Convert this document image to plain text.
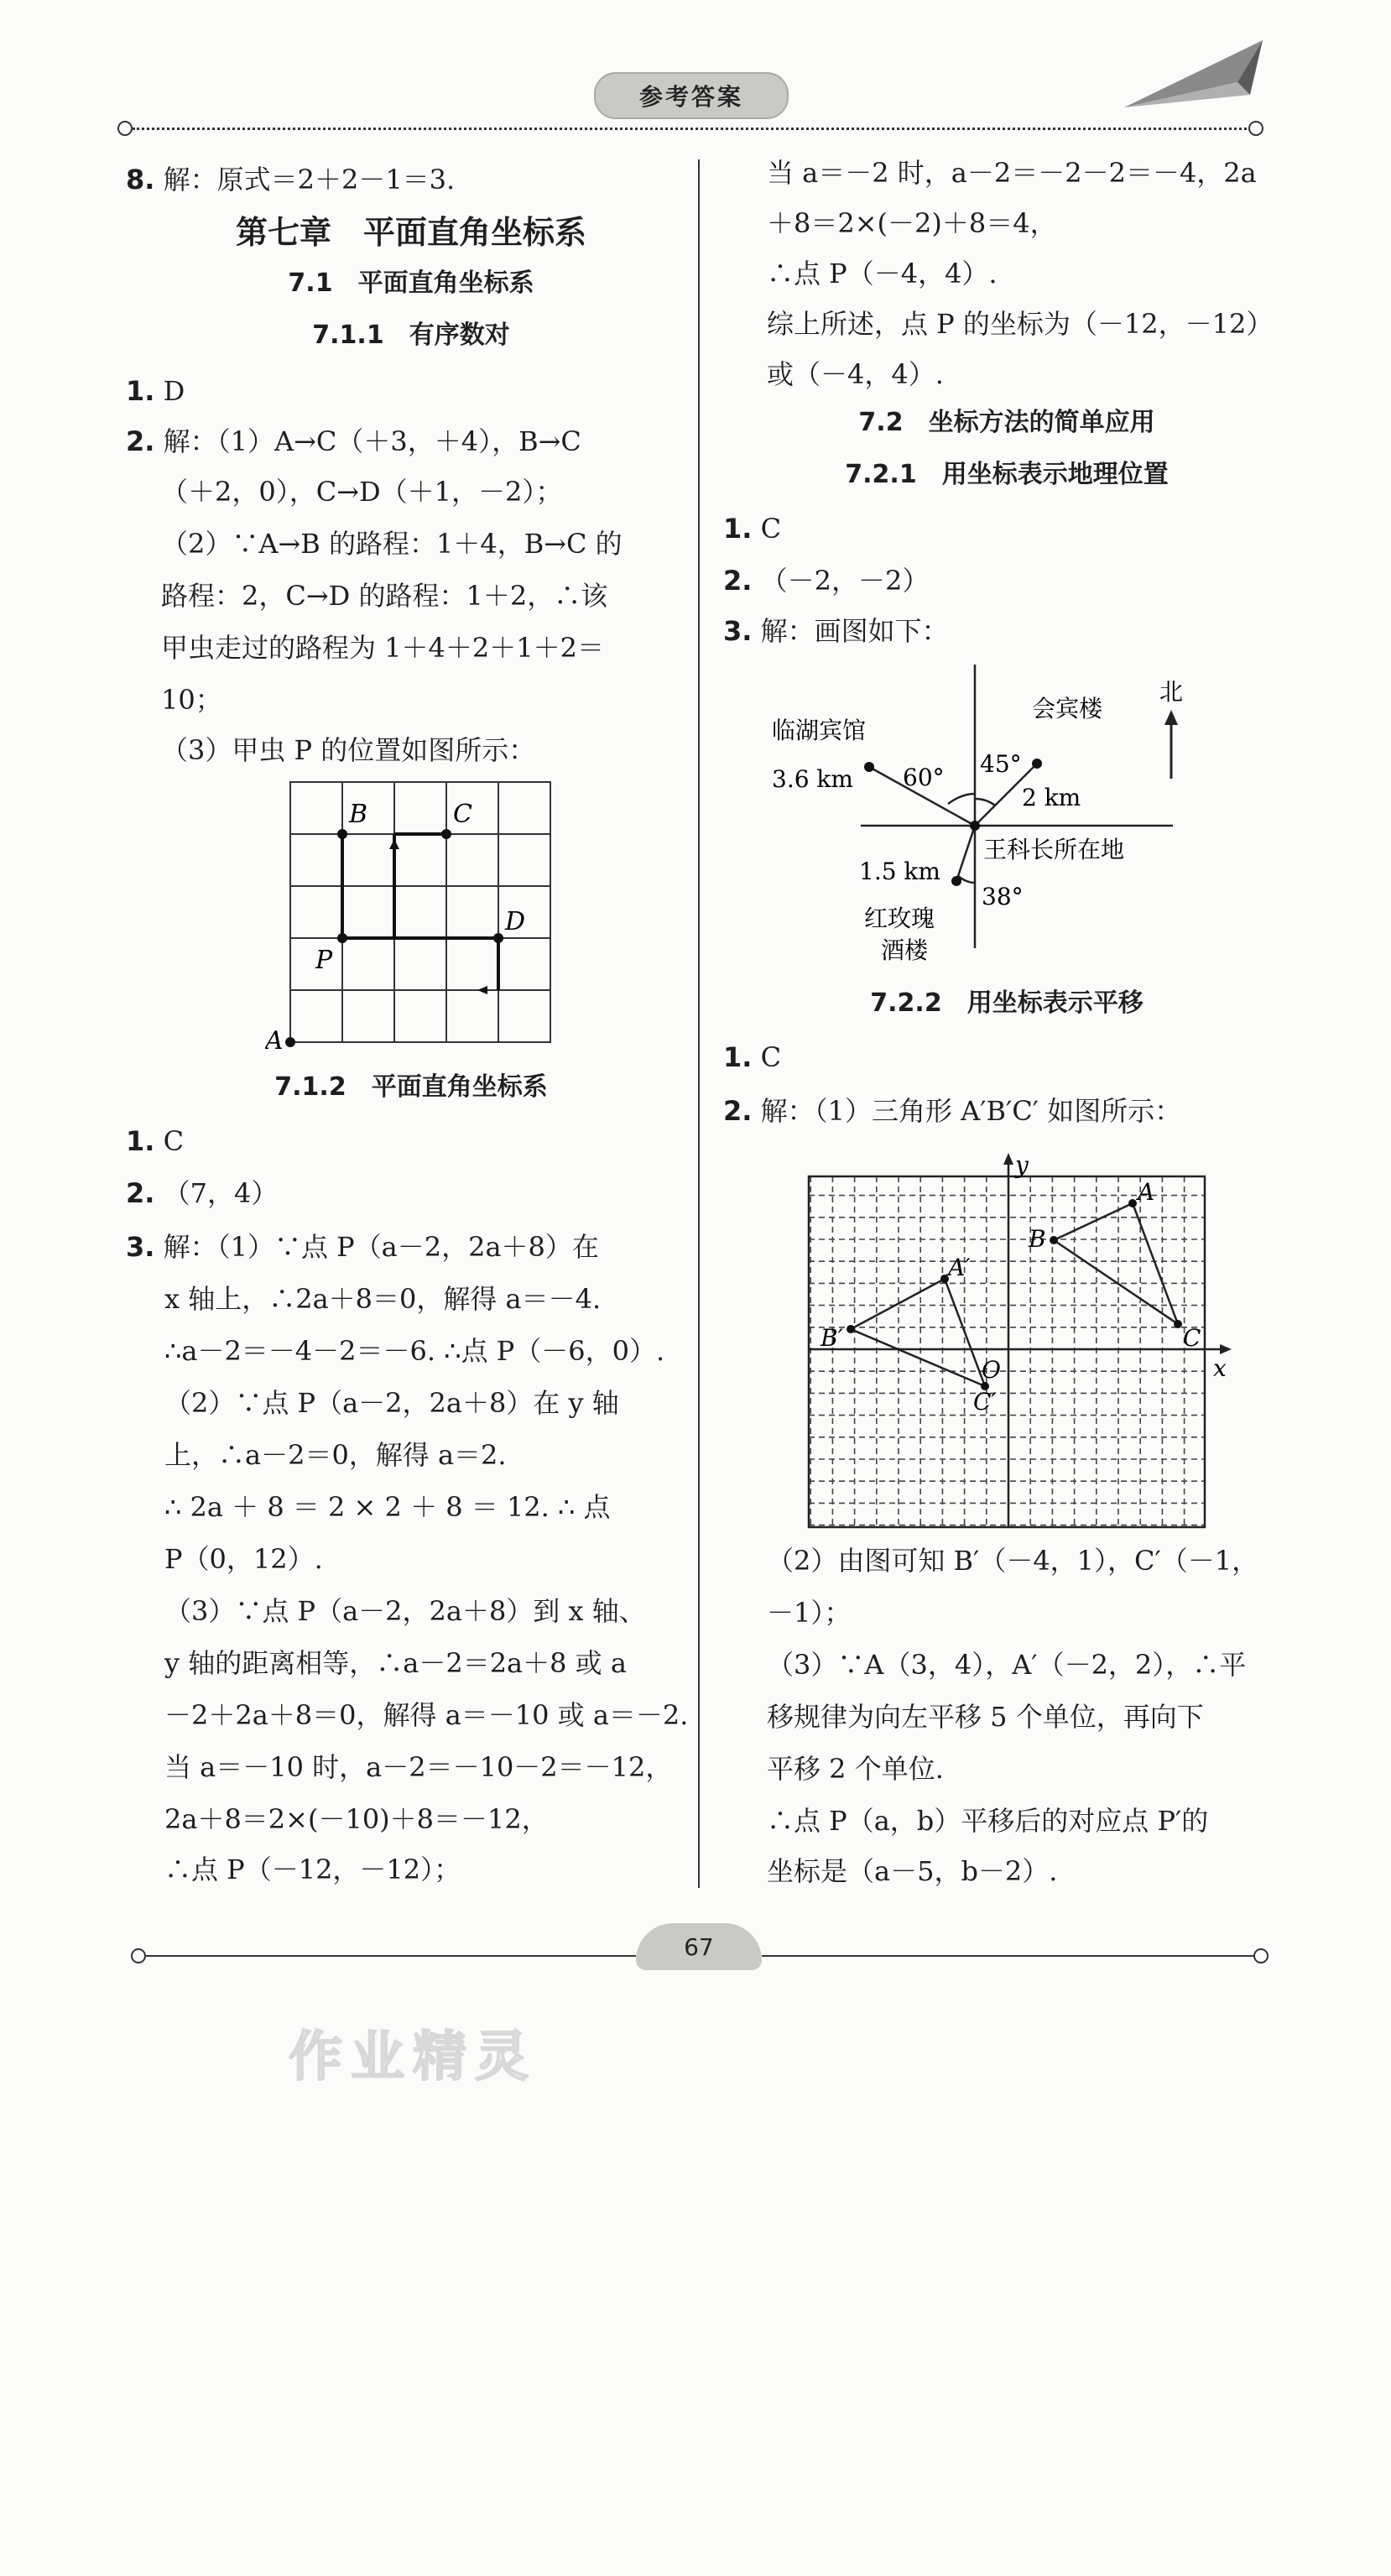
参考答案
8. 解：原式＝2＋2－1＝3.
第七章　平面直角坐标系
7.1　平面直角坐标系
7.1.1　有序数对
1. D
2. 解：（1）A→C（＋3，＋4），B→C
（＋2，0），C→D（＋1，－2）；
（2）∵A→B 的路程：1＋4，B→C 的
路程：2，C→D 的路程：1＋2，∴该
甲虫走过的路程为 1＋4＋2＋1＋2＝
10；
（3）甲虫 P 的位置如图所示：
B	C
D
P
A
7.1.2　平面直角坐标系
1. C
2. （7，4）
3. 解：（1）∵点 P（a－2，2a＋8）在
x 轴上，∴2a＋8＝0，解得 a＝－4.
∴a－2＝－4－2＝－6. ∴点 P（－6，0）.
（2）∵点 P（a－2，2a＋8）在 y 轴
上，∴a－2＝0，解得 a＝2.
∴ 2a ＋ 8 ＝ 2 × 2 ＋ 8 ＝ 12. ∴ 点
P（0，12）.
（3）∵点 P（a－2，2a＋8）到 x 轴、
y 轴的距离相等，∴a－2＝2a＋8 或 a
－2＋2a＋8＝0，解得 a＝－10 或 a＝－2.
当 a＝－10 时，a－2＝－10－2＝－12，
2a＋8＝2×(－10)＋8＝－12，
∴点 P（－12，－12）；
当 a＝－2 时，a－2＝－2－2＝－4，2a
＋8＝2×(－2)＋8＝4，
∴点 P（－4，4）.
综上所述，点 P 的坐标为（－12，－12）
或（－4，4）.
7.2　坐标方法的简单应用
7.2.1　用坐标表示地理位置
1. C
2. （－2，－2）
3. 解：画图如下：
北
临湖宾馆
会宾楼
3.6 km 60° 45°
2 km
王科长所在地
1.5 km
38°
红玫瑰
酒楼
7.2.2　用坐标表示平移
1. C
2. 解：（1）三角形 A′B′C′ 如图所示：
y
x
O
A
B
C
A′
B′
C′
（2）由图可知 B′（－4，1），C′（－1，
－1）；
（3）∵A（3，4），A′（－2，2），∴平
移规律为向左平移 5 个单位，再向下
平移 2 个单位.
∴点 P（a，b）平移后的对应点 P′的
坐标是（a－5，b－2）.
67
作业精灵
